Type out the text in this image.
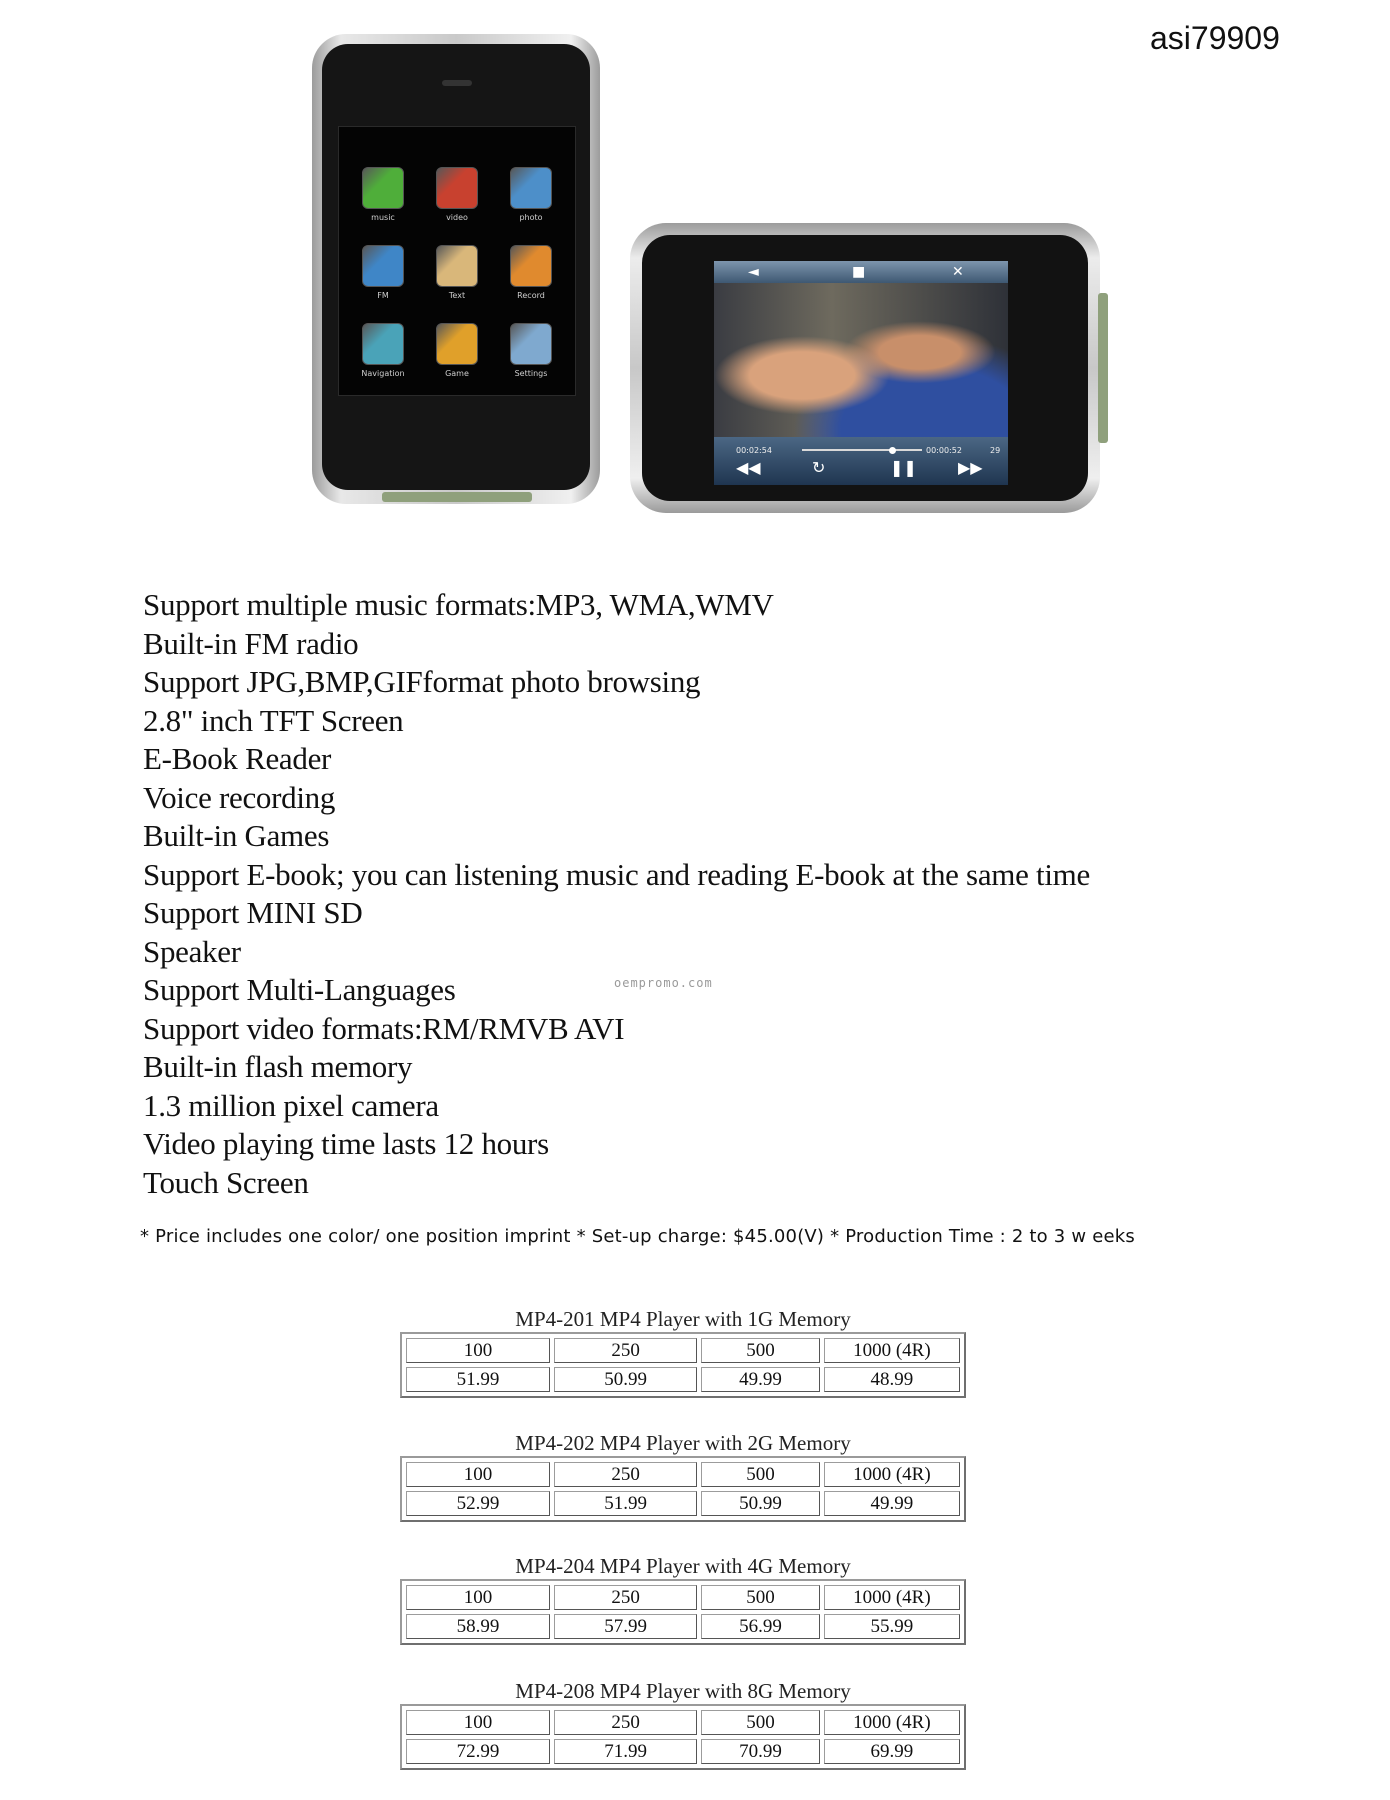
asi79909
music	video	photo
FM	Text	Record
Navigation	Game	Settings
◄	■	✕
00:02:54	00:00:52	29
◀◀	↻	❚❚	▶▶
Support multiple music formats:MP3, WMA,WMV
Built-in FM radio
Support JPG,BMP,GIFformat photo browsing
2.8" inch TFT Screen
E-Book Reader
Voice recording
Built-in Games
Support E-book; you can listening music and reading E-book at the same time
Support MINI SD
Speaker
Support Multi-Languages
Support video formats:RM/RMVB AVI
Built-in flash memory
1.3 million pixel camera
Video playing time lasts 12 hours
Touch Screen
oempromo.com
* Price includes one color/ one position imprint * Set-up charge: $45.00(V) * Production Time : 2 to 3 w eeks
MP4-201 MP4 Player with 1G Memory
100	250	500	1000 (4R)
51.99	50.99	49.99	48.99
MP4-202 MP4 Player with 2G Memory
100	250	500	1000 (4R)
52.99	51.99	50.99	49.99
MP4-204 MP4 Player with 4G Memory
100	250	500	1000 (4R)
58.99	57.99	56.99	55.99
MP4-208 MP4 Player with 8G Memory
100	250	500	1000 (4R)
72.99	71.99	70.99	69.99
